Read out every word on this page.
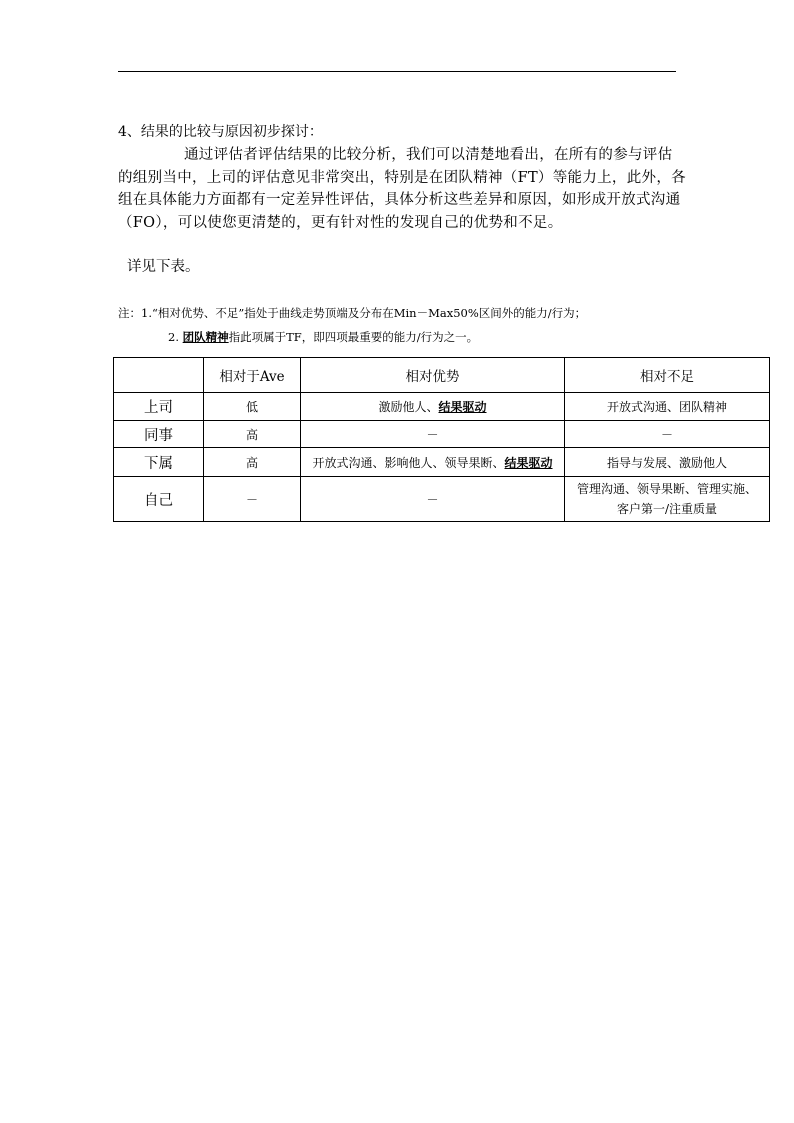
4、结果的比较与原因初步探讨：
通过评估者评估结果的比较分析，我们可以清楚地看出，在所有的参与评估
的组别当中，上司的评估意见非常突出，特别是在团队精神（FT）等能力上，此外，各
组在具体能力方面都有一定差异性评估，具体分析这些差异和原因，如形成开放式沟通
（FO），可以使您更清楚的，更有针对性的发现自己的优势和不足。
详见下表。
注：1.“相对优势、不足”指处于曲线走势顶端及分布在Min－Max50%区间外的能力/行为；
2. 团队精神指此项属于TF，即四项最重要的能力/行为之一。
	相对于Ave	相对优势	相对不足
上司	低	激励他人、结果驱动	开放式沟通、团队精神
同事	高	－	－
下属	高	开放式沟通、影响他人、领导果断、结果驱动	指导与发展、激励他人
自己	－	－	管理沟通、领导果断、管理实施、
客户第一/注重质量
